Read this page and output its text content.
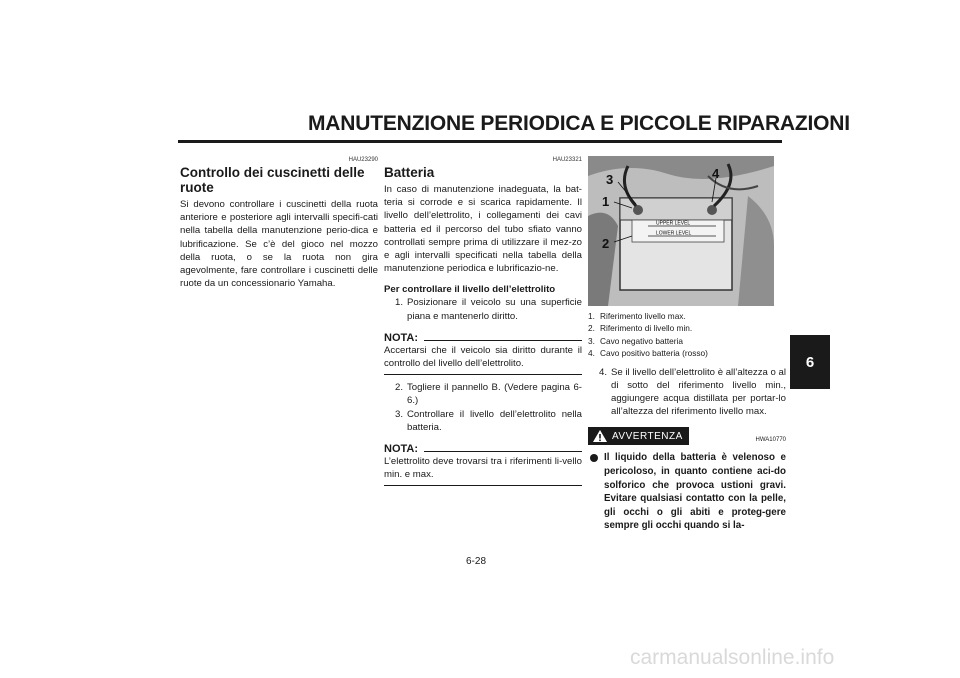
MANUTENZIONE PERIODICA E PICCOLE RIPARAZIONI
6
HAU23290
Controllo dei cuscinetti delle ruote

Si devono controllare i cuscinetti della ruota anteriore e posteriore agli intervalli specifi-cati nella tabella della manutenzione perio-dica e lubrificazione. Se c’è del gioco nel mozzo della ruota, o se la ruota non gira agevolmente, fare controllare i cuscinetti delle ruote da un concessionario Yamaha.

HAU23321
Batteria

In caso di manutenzione inadeguata, la bat-teria si corrode e si scarica rapidamente. Il livello dell’elettrolito, i collegamenti dei cavi batteria ed il percorso del tubo sfiato vanno controllati sempre prima di utilizzare il mez-zo e agli intervalli specificati nella tabella della manutenzione periodica e lubrificazio-ne.

Per controllare il livello dell’elettrolito

1. Posizionare il veicolo su una superficie piana e mantenerlo diritto.
NOTA:

Accertarsi che il veicolo sia diritto durante il controllo del livello dell’elettrolito.

2. Togliere il pannello B. (Vedere pagina 6-6.)
3. Controllare il livello dell’elettrolito nella batteria.
NOTA:

L’elettrolito deve trovarsi tra i riferimenti li-vello min. e max.

UPPER LEVEL
LOWER LEVEL
1
2
3	4
1. Riferimento livello max.
2. Riferimento di livello min.
3. Cavo negativo batteria
4. Cavo positivo batteria (rosso)
4. Se il livello dell’elettrolito è all’altezza o al di sotto del riferimento livello min., aggiungere acqua distillata per portar-lo all’altezza del riferimento livello max.
AVVERTENZA	HWA10770
Il liquido della batteria è velenoso e pericoloso, in quanto contiene aci-do solforico che provoca ustioni gravi. Evitare qualsiasi contatto con la pelle, gli occhi o gli abiti e proteg-gere sempre gli occhi quando si la-
6-28
carmanualsonline.info
